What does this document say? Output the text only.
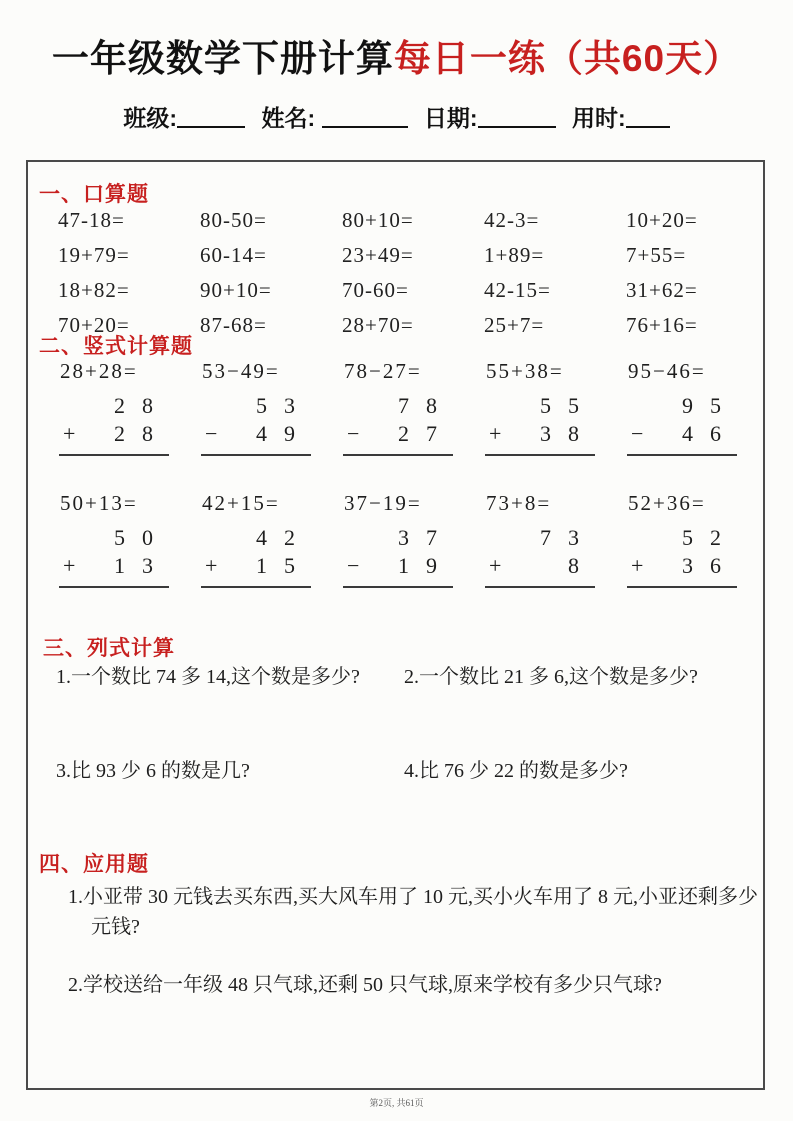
一年级数学下册计算每日一练（共60天）
班级:	姓名:	日期:	用时:
一、口算题
47-18=	80-50=	80+10=	42-3=	10+20=
19+79=	60-14=	23+49=	1+89=	7+55=
18+82=	90+10=	70-60=	42-15=	31+62=
70+20=	87-68=	28+70=	25+7=	76+16=
二、竖式计算题
28+28=
28
+ 28
53−49=
53
− 49
78−27=
78
− 27
55+38=
55
+ 38
95−46=
95
− 46
50+13=
50
+ 13
42+15=
42
+ 15
37−19=
37
− 19
73+8=
73
+	8
52+36=
52
+ 36
三、列式计算
1.一个数比 74 多 14,这个数是多少?	2.一个数比 21 多 6,这个数是多少?
3.比 93 少 6 的数是几?	4.比 76 少 22 的数是多少?
四、应用题
1.小亚带 30 元钱去买东西,买大风车用了 10 元,买小火车用了 8 元,小亚还剩多少元钱?
2.学校送给一年级 48 只气球,还剩 50 只气球,原来学校有多少只气球?
第2页, 共61页
